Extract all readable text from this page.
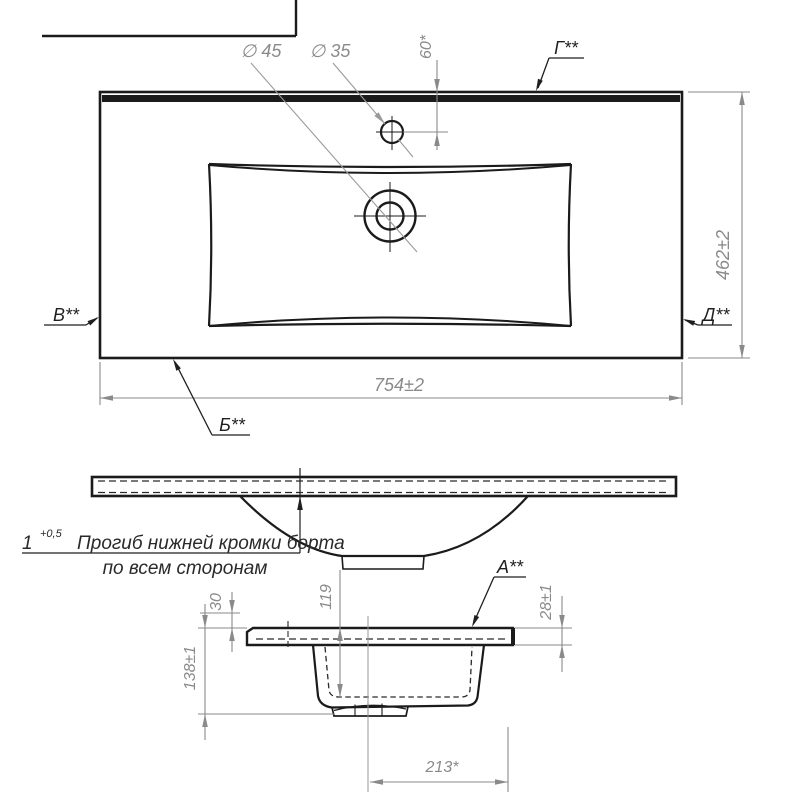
∅ 45 ∅ 35	60*
462±2
754±2
Г**
В**
Б**
Д**
1 +0,5 Прогиб нижней кромки борта
по всем сторонам
30
138±1
119	28±1
А**
213*
